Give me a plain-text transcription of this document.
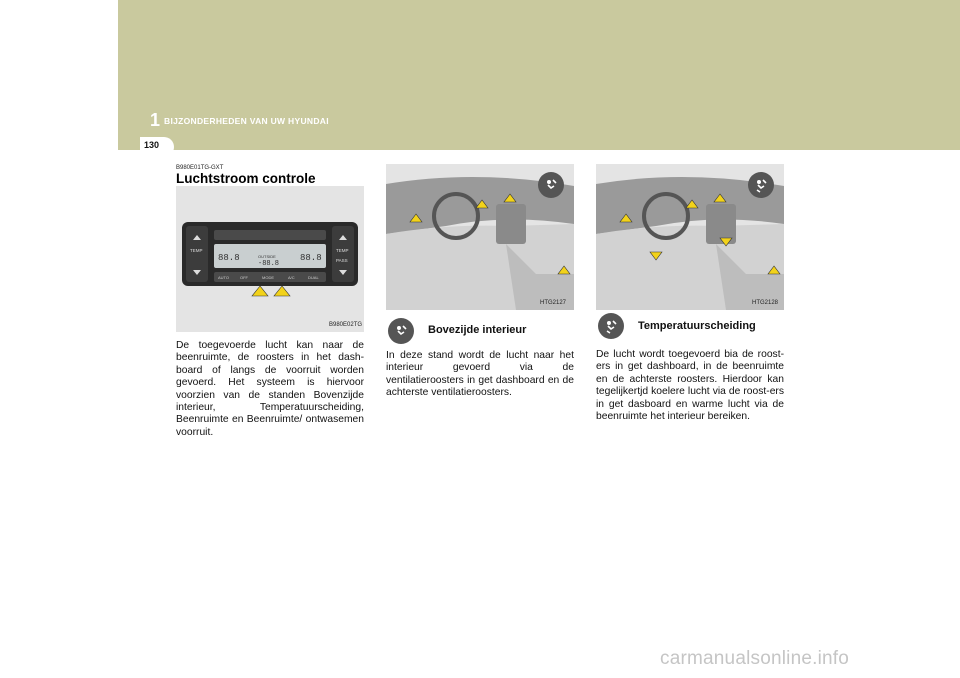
1 BIJZONDERHEDEN VAN UW HYUNDAI
130
B980E01TG-GXT
Luchtstroom controle
TEMP	TEMP
PASS
88.8	OUTSIDE
-88.8
88.8
AUTO	OFF	MODE	A/C	DUAL
B980E02TG
De toegevoerde lucht kan naar de beenruimte, de roosters in het dash-board of langs de voorruit worden gevoerd. Het systeem is hiervoor voorzien van de standen Bovenzijde interieur, Temperatuurscheiding, Beenruimte en Beenruimte/ ontwasemen voorruit.
HTG2127
Bovezijde interieur
In deze stand wordt de lucht naar het interieur gevoerd via de ventilatieroosters in get dashboard en de achterste ventilatieroosters.
HTG2128
Temperatuurscheiding
De lucht wordt toegevoerd bia de roost-ers in get dashboard, in de beenruimte en de achterste roosters. Hierdoor kan tegelijkertjd koelere lucht via de roost-ers in get dasboard en warme lucht via de beenruimte het interieur bereiken.
carmanualsonline.info
